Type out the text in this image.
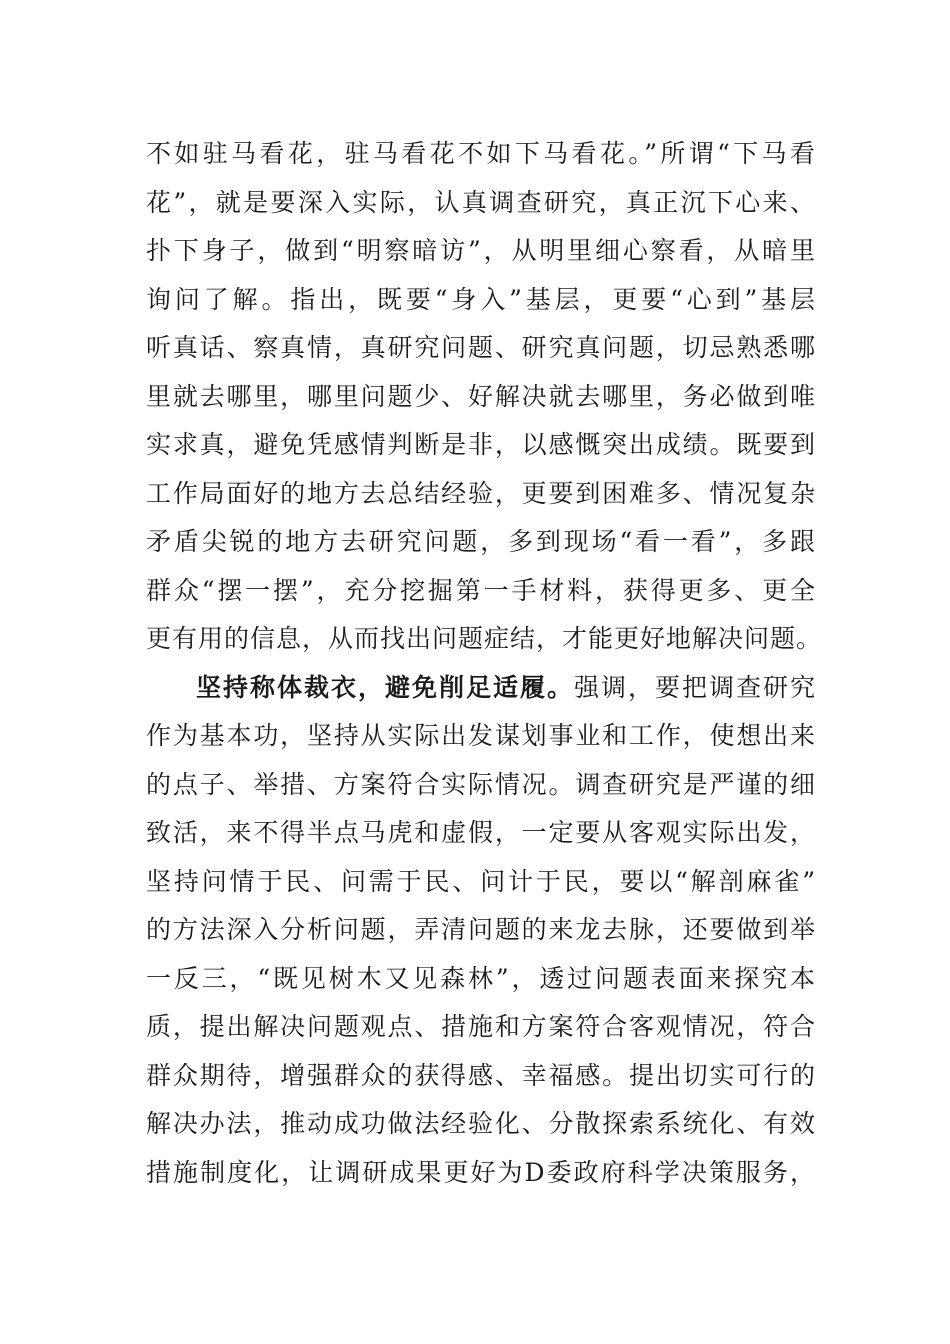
不如驻马看花，驻马看花不如下马看花。”所谓“下马看
花”，就是要深入实际，认真调查研究，真正沉下心来、
扑下身子，做到“明察暗访”，从明里细心察看，从暗里
询问了解。指出，既要“身入”基层，更要“心到”基层
听真话、察真情，真研究问题、研究真问题，切忌熟悉哪
里就去哪里，哪里问题少、好解决就去哪里，务必做到唯
实求真，避免凭感情判断是非，以感慨突出成绩。既要到
工作局面好的地方去总结经验，更要到困难多、情况复杂
矛盾尖锐的地方去研究问题，多到现场“看一看”，多跟
群众“摆一摆”，充分挖掘第一手材料，获得更多、更全
更有用的信息，从而找出问题症结，才能更好地解决问题。
坚持称体裁衣，避免削足适履。强调，要把调查研究
作为基本功，坚持从实际出发谋划事业和工作，使想出来
的点子、举措、方案符合实际情况。调查研究是严谨的细
致活，来不得半点马虎和虚假，一定要从客观实际出发，
坚持问情于民、问需于民、问计于民，要以“解剖麻雀”
的方法深入分析问题，弄清问题的来龙去脉，还要做到举
一反三，“既见树木又见森林”，透过问题表面来探究本
质，提出解决问题观点、措施和方案符合客观情况，符合
群众期待，增强群众的获得感、幸福感。提出切实可行的
解决办法，推动成功做法经验化、分散探索系统化、有效
措施制度化，让调研成果更好为D委政府科学决策服务，
